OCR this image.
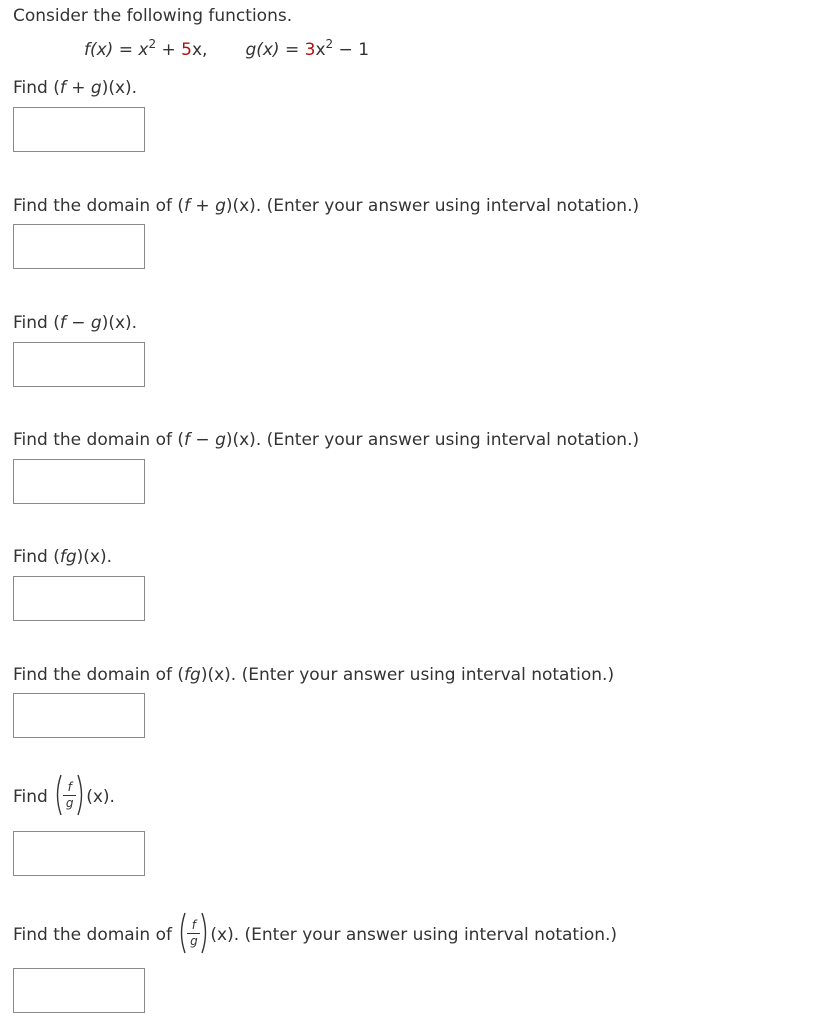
Consider the following functions.
$f(x) = x^2 + 5x$, $g(x) = 3x^2 - 1$
Find (f + g)(x).
Find the domain of (f + g)(x). (Enter your answer using interval notation.)
Find (f − g)(x).
Find the domain of (f − g)(x). (Enter your answer using interval notation.)
Find (fg)(x).
Find the domain of (fg)(x). (Enter your answer using interval notation.)
Find $\frac{f}{g} (x)$.
Find the domain of $\frac{f}{g} (x)$. (Enter your answer using interval notation.)
